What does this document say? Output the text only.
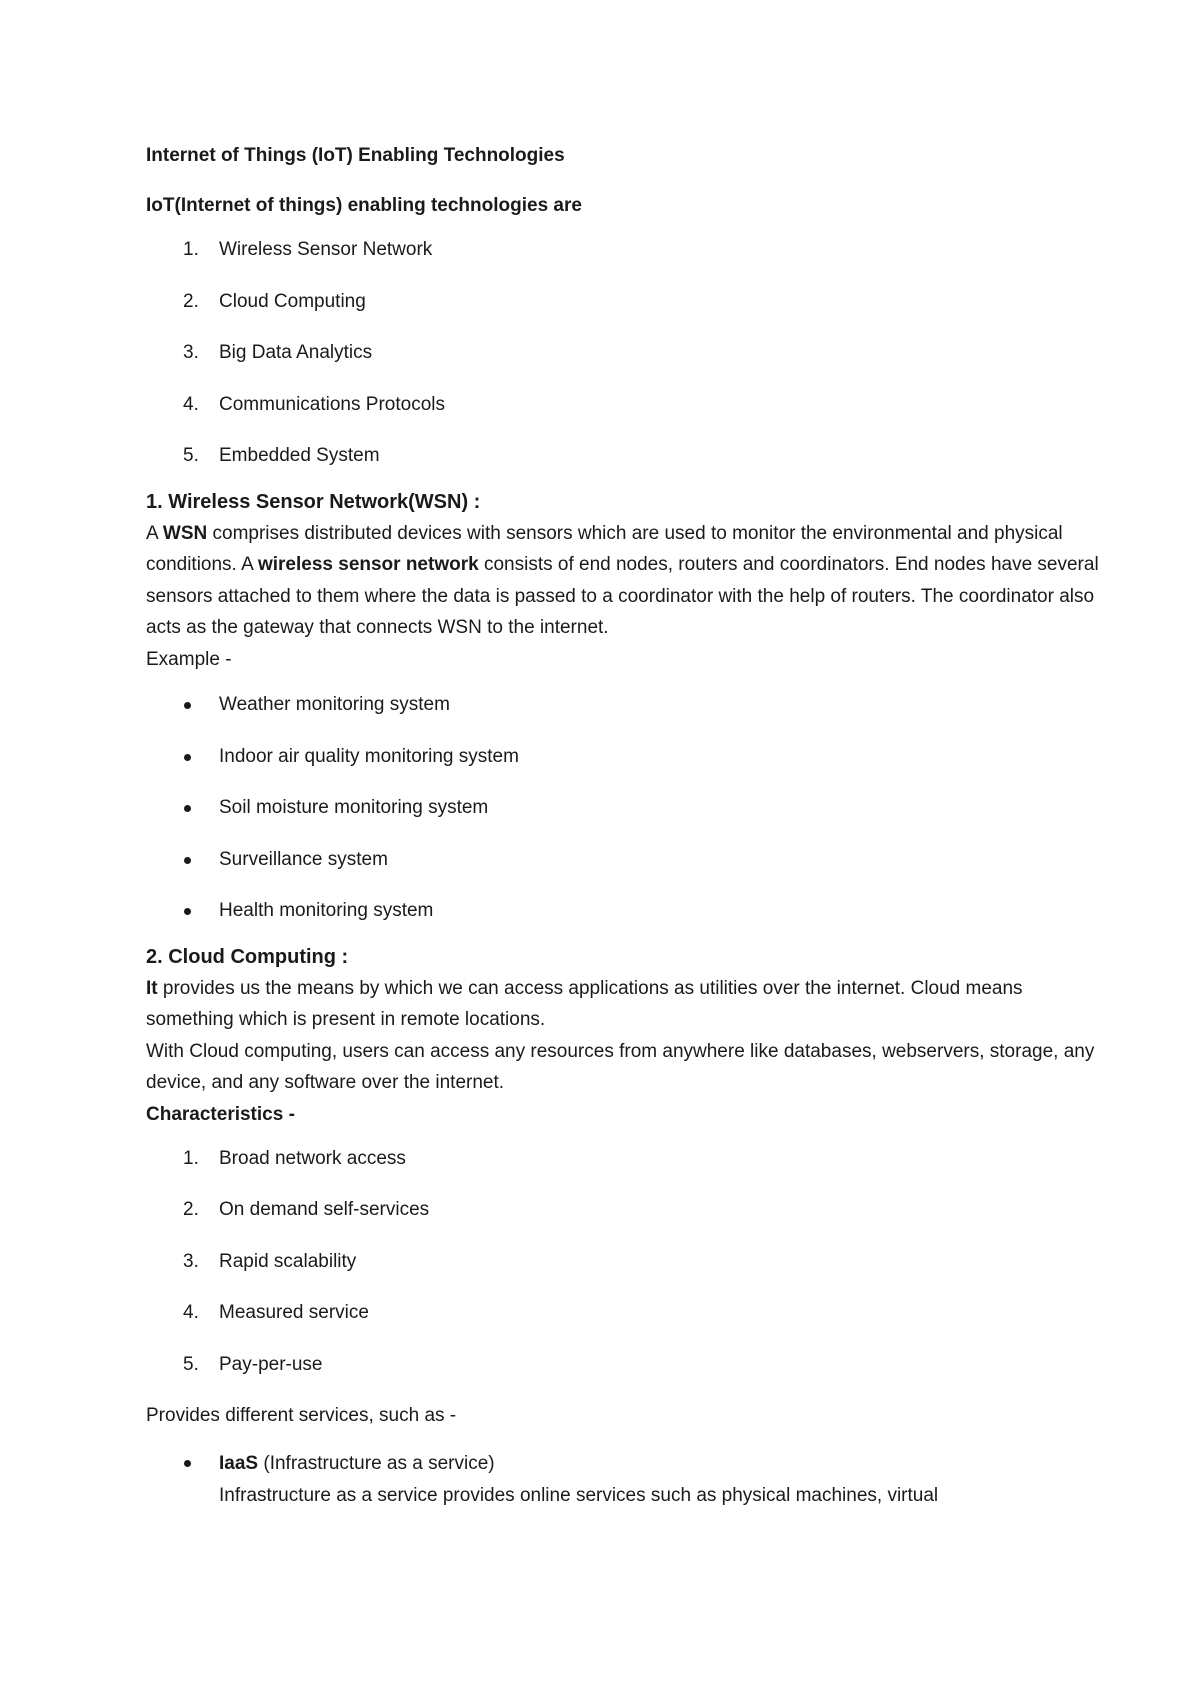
Internet of Things (IoT) Enabling Technologies
IoT(Internet of things) enabling technologies are
1. Wireless Sensor Network
2. Cloud Computing
3. Big Data Analytics
4. Communications Protocols
5. Embedded System
1. Wireless Sensor Network(WSN) :

A WSN comprises distributed devices with sensors which are used to monitor the environmental and physical conditions. A wireless sensor network consists of end nodes, routers and coordinators. End nodes have several sensors attached to them where the data is passed to a coordinator with the help of routers. The coordinator also acts as the gateway that connects WSN to the internet.

Example -

Weather monitoring system
Indoor air quality monitoring system
Soil moisture monitoring system
Surveillance system
Health monitoring system
2. Cloud Computing :

It provides us the means by which we can access applications as utilities over the internet. Cloud means something which is present in remote locations.

With Cloud computing, users can access any resources from anywhere like databases, webservers, storage, any device, and any software over the internet.

Characteristics -
1. Broad network access
2. On demand self-services
3. Rapid scalability
4. Measured service
5. Pay-per-use
Provides different services, such as -
IaaS (Infrastructure as a service)
Infrastructure as a service provides online services such as physical machines, virtual
